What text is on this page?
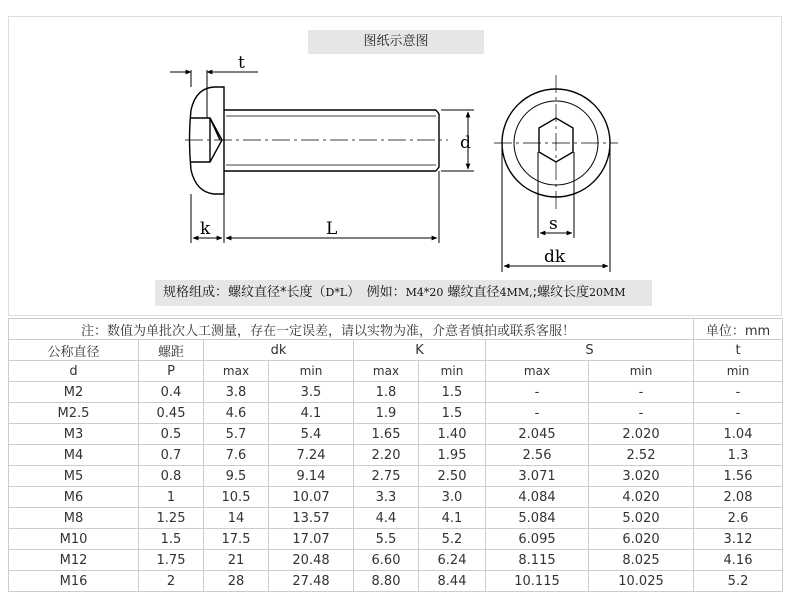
图纸示意图
t
k	L
d
s
dk
规格组成：螺纹直径*长度（D*L）　例如：M4*20 螺纹直径4MM,;螺纹长度20MM
注：数值为单批次人工测量，存在一定误差，请以实物为准，介意者慎拍或联系客服！								单位：mm
公称直径	螺距	dk		K		S		t
d	P	max	min	max	min	max	min	min
M2	0.4	3.8	3.5	1.8	1.5	-	-	-
M2.5	0.45	4.6	4.1	1.9	1.5	-	-	-
M3	0.5	5.7	5.4	1.65	1.40	2.045	2.020	1.04
M4	0.7	7.6	7.24	2.20	1.95	2.56	2.52	1.3
M5	0.8	9.5	9.14	2.75	2.50	3.071	3.020	1.56
M6	1	10.5	10.07	3.3	3.0	4.084	4.020	2.08
M8	1.25	14	13.57	4.4	4.1	5.084	5.020	2.6
M10	1.5	17.5	17.07	5.5	5.2	6.095	6.020	3.12
M12	1.75	21	20.48	6.60	6.24	8.115	8.025	4.16
M16	2	28	27.48	8.80	8.44	10.115	10.025	5.2
